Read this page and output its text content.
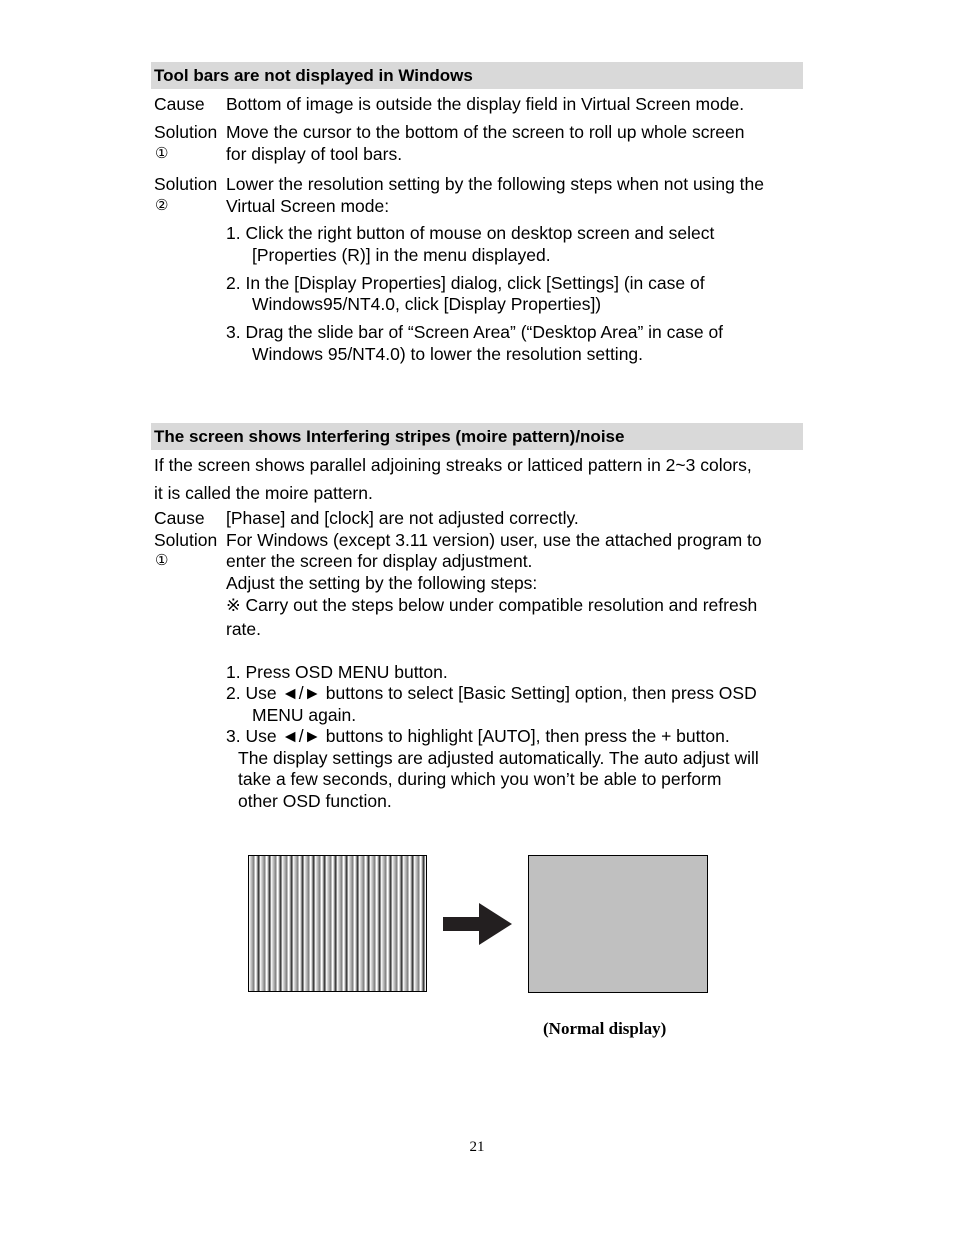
Tool bars are not displayed in Windows
Cause Bottom of image is outside the display field in Virtual Screen mode.
Solution Move the cursor to the bottom of the screen to roll up whole screen
①	for display of tool bars.
Solution Lower the resolution setting by the following steps when not using the
②	Virtual Screen mode:
1. Click the right button of mouse on desktop screen and select
[Properties (R)] in the menu displayed.
2. In the [Display Properties] dialog, click [Settings] (in case of
Windows95/NT4.0, click [Display Properties])
3. Drag the slide bar of “Screen Area” (“Desktop Area” in case of
Windows 95/NT4.0) to lower the resolution setting.
The screen shows Interfering stripes (moire pattern)/noise
If the screen shows parallel adjoining streaks or latticed pattern in 2~3 colors,
it is called the moire pattern.
Cause [Phase] and [clock] are not adjusted correctly.
Solution For Windows (except 3.11 version) user, use the attached program to
①	enter the screen for display adjustment.
Adjust the setting by the following steps:
※ Carry out the steps below under compatible resolution and refresh
rate.
1. Press OSD MENU button.
2. Use ◄/► buttons to select [Basic Setting] option, then press OSD
MENU again.
3. Use ◄/► buttons to highlight [AUTO], then press the + button.
The display settings are adjusted automatically. The auto adjust will
take a few seconds, during which you won’t be able to perform
other OSD function.
(Normal display)
21
